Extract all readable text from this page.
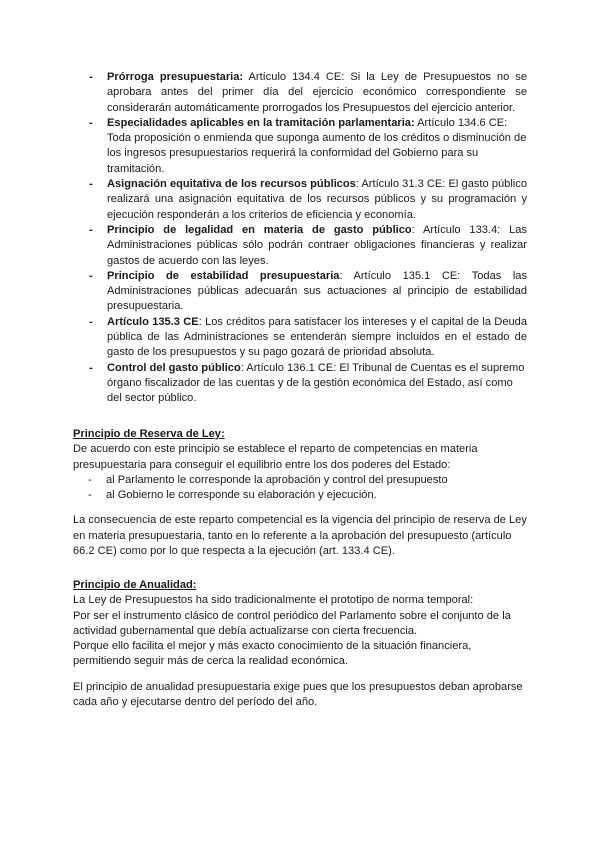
- Prórroga presupuestaria: Artículo 134.4 CE: Si la Ley de Presupuestos no se aprobara antes del primer día del ejercicio económico correspondiente se considerarán automáticamente prorrogados los Presupuestos del ejercicio anterior.

- Especialidades aplicables en la tramitación parlamentaria: Artículo 134.6 CE: Toda proposición o enmienda que suponga aumento de los créditos o disminución de los ingresos presupuestarios requerirá la conformidad del Gobierno para su tramitación.

- Asignación equitativa de los recursos públicos: Artículo 31.3 CE: El gasto público realizará una asignación equitativa de los recursos públicos y su programación y ejecución responderán a los criterios de eficiencia y economía.

- Principio de legalidad en materia de gasto público: Artículo 133.4: Las Administraciones públicas sólo podrán contraer obligaciones financieras y realizar gastos de acuerdo con las leyes.

- Principio de estabilidad presupuestaria: Artículo 135.1 CE: Todas las Administraciones públicas adecuarán sus actuaciones al principio de estabilidad presupuestaria.

- Artículo 135.3 CE: Los créditos para satisfacer los intereses y el capital de la Deuda pública de las Administraciones se entenderán siempre incluidos en el estado de gasto de los presupuestos y su pago gozará de prioridad absoluta.

- Control del gasto público: Artículo 136.1 CE: El Tribunal de Cuentas es el supremo órgano fiscalizador de las cuentas y de la gestión económica del Estado, así como del sector público.

Principio de Reserva de Ley:

De acuerdo con este principio se establece el reparto de competencias en materia presupuestaria para conseguir el equilibrio entre los dos poderes del Estado:

- al Parlamento le corresponde la aprobación y control del presupuesto
- al Gobierno le corresponde su elaboración y ejecución.

La consecuencia de este reparto competencial es la vigencia del principio de reserva de Ley en materia presupuestaria, tanto en lo referente a la aprobación del presupuesto (artículo 66.2 CE) como por lo que respecta a la ejecución (art. 133.4 CE).

Principio de Anualidad:

La Ley de Presupuestos ha sido tradicionalmente el prototipo de norma temporal:

Por ser el instrumento clásico de control periódico del Parlamento sobre el conjunto de la actividad gubernamental que debía actualizarse con cierta frecuencia.

Porque ello facilita el mejor y más exacto conocimiento de la situación financiera, permitiendo seguir más de cerca la realidad económica.

El principio de anualidad presupuestaria exige pues que los presupuestos deban aprobarse cada año y ejecutarse dentro del período del año.
